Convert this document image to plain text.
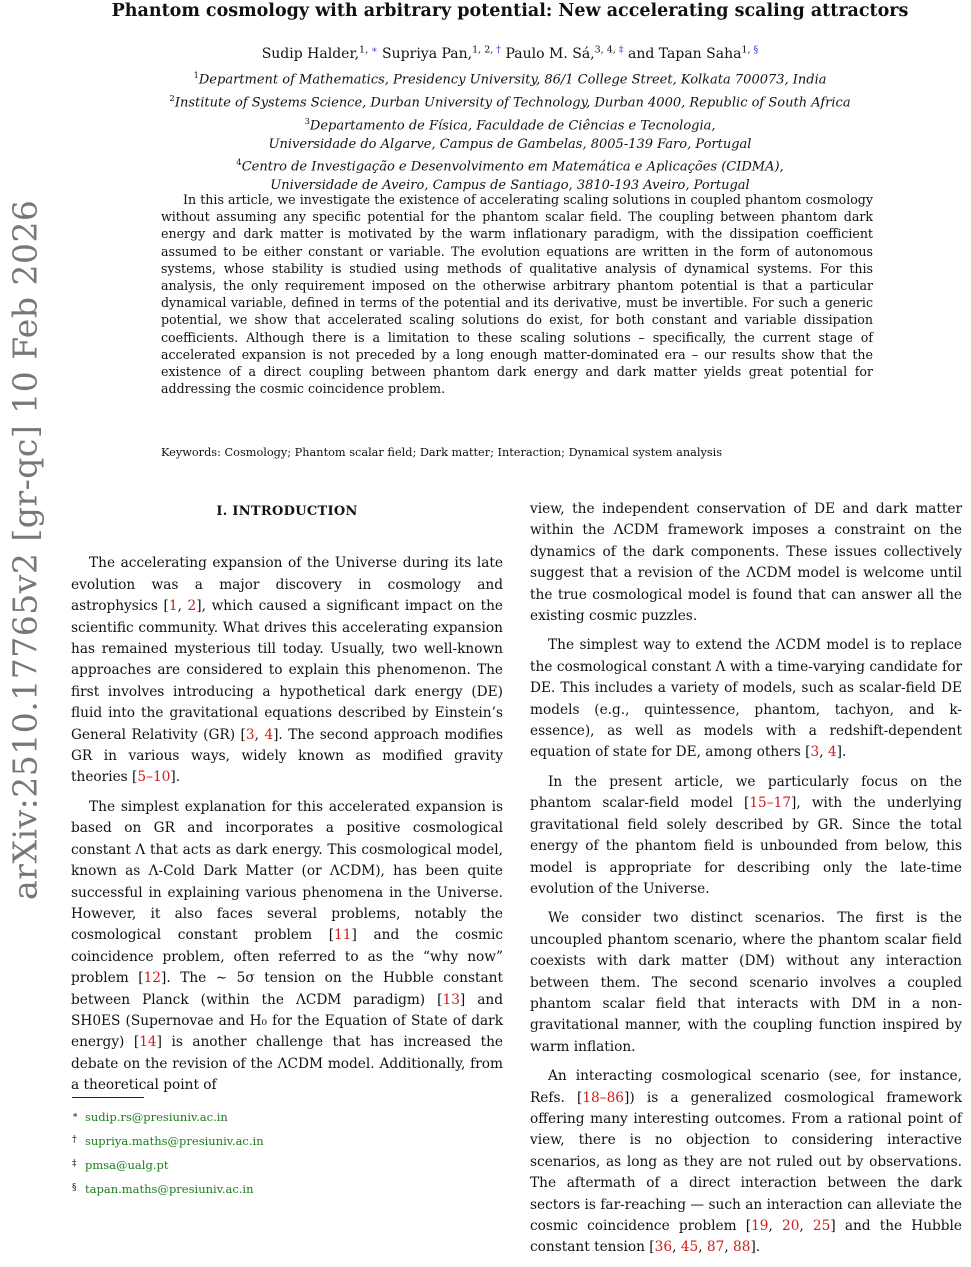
arXiv:2510.17765v2 [gr-qc] 10 Feb 2026
Phantom cosmology with arbitrary potential: New accelerating scaling attractors
Sudip Halder,$^{1, ∗}$ Supriya Pan,$^{1, 2, \dagger}$ Paulo M. Sá,$^{3, 4, \ddagger}$ and Tapan Saha$^{1, \S}$
$^1$Department of Mathematics, Presidency University, 86/1 College Street, Kolkata 700073, India
$^2$Institute of Systems Science, Durban University of Technology, Durban 4000, Republic of South Africa
$^3$Departamento de Física, Faculdade de Ciências e Tecnologia,
Universidade do Algarve, Campus de Gambelas, 8005-139 Faro, Portugal
$^4$Centro de Investigação e Desenvolvimento em Matemática e Aplicações (CIDMA),
Universidade de Aveiro, Campus de Santiago, 3810-193 Aveiro, Portugal

In this article, we investigate the existence of accelerating scaling solutions in coupled phantom cosmology without assuming any specific potential for the phantom scalar field. The coupling between phantom dark energy and dark matter is motivated by the warm inflationary paradigm, with the dissipation coefficient assumed to be either constant or variable. The evolution equations are written in the form of autonomous systems, whose stability is studied using methods of qualitative analysis of dynamical systems. For this analysis, the only requirement imposed on the otherwise arbitrary phantom potential is that a particular dynamical variable, defined in terms of the potential and its derivative, must be invertible. For such a generic potential, we show that accelerated scaling solutions do exist, for both constant and variable dissipation coefficients. Although there is a limitation to these scaling solutions – specifically, the current stage of accelerated expansion is not preceded by a long enough matter-dominated era – our results show that the existence of a direct coupling between phantom dark energy and dark matter yields great potential for addressing the cosmic coincidence problem.

Keywords: Cosmology; Phantom scalar field; Dark matter; Interaction; Dynamical system analysis
I. INTRODUCTION

The accelerating expansion of the Universe during its late evolution was a major discovery in cosmology and astrophysics [1, 2], which caused a significant impact on the scientific community. What drives this accelerating expansion has remained mysterious till today. Usually, two well-known approaches are considered to explain this phenomenon. The first involves introducing a hypothetical dark energy (DE) fluid into the gravitational equations described by Einstein’s General Relativity (GR) [3, 4]. The second approach modifies GR in various ways, widely known as modified gravity theories [5–10].

The simplest explanation for this accelerated expansion is based on GR and incorporates a positive cosmological constant Λ that acts as dark energy. This cosmological model, known as Λ-Cold Dark Matter (or ΛCDM), has been quite successful in explaining various phenomena in the Universe. However, it also faces several problems, notably the cosmological constant problem [11] and the cosmic coincidence problem, often referred to as the “why now” problem [12]. The ∼ 5σ tension on the Hubble constant between Planck (within the ΛCDM paradigm) [13] and SH0ES (Supernovae and H₀ for the Equation of State of dark energy) [14] is another challenge that has increased the debate on the revision of the ΛCDM model. Additionally, from a theoretical point of

view, the independent conservation of DE and dark matter within the ΛCDM framework imposes a constraint on the dynamics of the dark components. These issues collectively suggest that a revision of the ΛCDM model is welcome until the true cosmological model is found that can answer all the existing cosmic puzzles.

The simplest way to extend the ΛCDM model is to replace the cosmological constant Λ with a time-varying candidate for DE. This includes a variety of models, such as scalar-field DE models (e.g., quintessence, phantom, tachyon, and k-essence), as well as models with a redshift-dependent equation of state for DE, among others [3, 4].

In the present article, we particularly focus on the phantom scalar-field model [15–17], with the underlying gravitational field solely described by GR. Since the total energy of the phantom field is unbounded from below, this model is appropriate for describing only the late-time evolution of the Universe.

We consider two distinct scenarios. The first is the uncoupled phantom scenario, where the phantom scalar field coexists with dark matter (DM) without any interaction between them. The second scenario involves a coupled phantom scalar field that interacts with DM in a non-gravitational manner, with the coupling function inspired by warm inflation.

An interacting cosmological scenario (see, for instance, Refs. [18–86]) is a generalized cosmological framework offering many interesting outcomes. From a rational point of view, there is no objection to considering interactive scenarios, as long as they are not ruled out by observations. The aftermath of a direct interaction between the dark sectors is far-reaching — such an interaction can alleviate the cosmic coincidence problem [19, 20, 25] and the Hubble constant tension [36, 45, 87, 88].

∗ sudip.rs@presiuniv.ac.in
† supriya.maths@presiuniv.ac.in
‡ pmsa@ualg.pt
§ tapan.maths@presiuniv.ac.in
